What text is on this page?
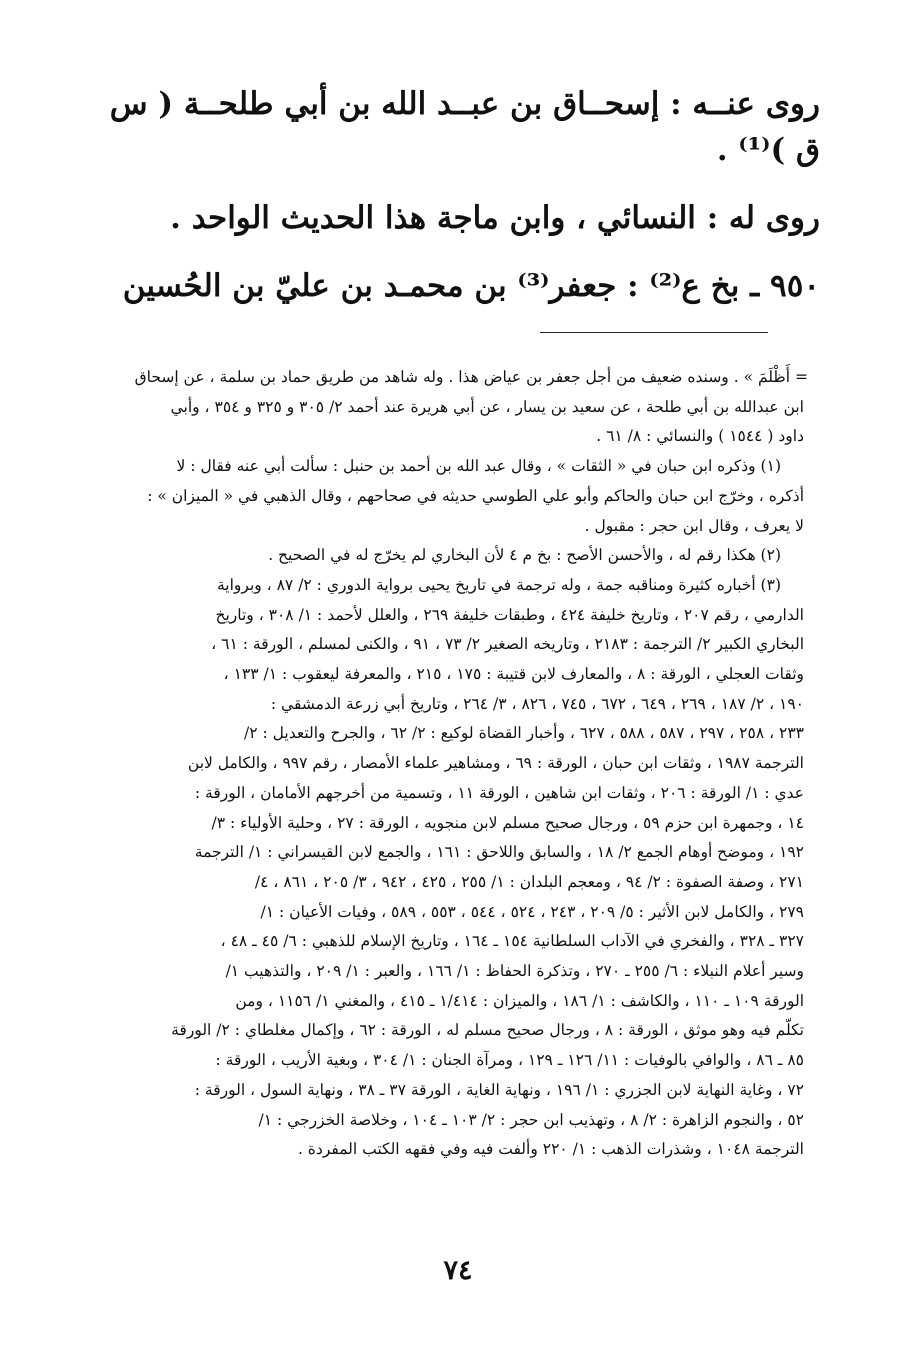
روى عنــه : إسحــاق بن عبــد الله بن أبي طلحــة ( س
ق )⁽¹⁾ .
روى له : النسائي ، وابن ماجة هذا الحديث الواحد .
٩٥٠ ـ بخ ع⁽²⁾ : جعفر⁽³⁾ بن محمـد بن عليّ بن الحُسين
= أَظْلَمَ » . وسنده ضعيف من أجل جعفر بن عياض هذا . وله شاهد من طريق حماد بن سلمة ، عن إسحاق
ابن عبدالله بن أبي طلحة ، عن سعيد بن يسار ، عن أبي هريرة عند أحمد ٢/ ٣٠٥ و ٣٢٥ و ٣٥٤ ، وأبي
داود ( ١٥٤٤ ) والنسائي : ٨/ ٦١ .
(١) وذكره ابن حبان في « الثقات » ، وقال عبد الله بن أحمد بن حنبل : سألت أبي عنه فقال : لا
أذكره ، وخرّج ابن حبان والحاكم وأبو علي الطوسي حديثه في صحاحهم ، وقال الذهبي في « الميزان » :
لا يعرف ، وقال ابن حجر : مقبول .
(٢) هكذا رقم له ، والأحسن الأصح : بخ م ٤ لأن البخاري لم يخرّج له في الصحيح .
(٣) أخباره كثيرة ومناقبه جمة ، وله ترجمة في تاريخ يحيى برواية الدوري : ٢/ ٨٧ ، وبرواية
الدارمي ، رقم ٢٠٧ ، وتاريخ خليفة ٤٢٤ ، وطبقات خليفة ٢٦٩ ، والعلل لأحمد : ١/ ٣٠٨ ، وتاريخ
البخاري الكبير ٢/ الترجمة : ٢١٨٣ ، وتاريخه الصغير ٢/ ٧٣ ، ٩١ ، والكنى لمسلم ، الورقة : ٦١ ،
وثقات العجلي ، الورقة : ٨ ، والمعارف لابن قتيبة : ١٧٥ ، ٢١٥ ، والمعرفة ليعقوب : ١/ ١٣٣ ،
١٩٠ ، ٢/ ١٨٧ ، ٢٦٩ ، ٦٤٩ ، ٦٧٢ ، ٧٤٥ ، ٨٢٦ ، ٣/ ٢٦٤ ، وتاريخ أبي زرعة الدمشقي :
٢٣٣ ، ٢٥٨ ، ٢٩٧ ، ٥٨٧ ، ٥٨٨ ، ٦٢٧ ، وأخبار القضاة لوكيع : ٢/ ٦٢ ، والجرح والتعديل : ٢/
الترجمة ١٩٨٧ ، وثقات ابن حبان ، الورقة : ٦٩ ، ومشاهير علماء الأمصار ، رقم ٩٩٧ ، والكامل لابن
عدي : ١/ الورقة : ٢٠٦ ، وثقات ابن شاهين ، الورقة ١١ ، وتسمية من أخرجهم الأمامان ، الورقة :
١٤ ، وجمهرة ابن حزم ٥٩ ، ورجال صحيح مسلم لابن منجويه ، الورقة : ٢٧ ، وحلية الأولياء : ٣/
١٩٢ ، وموضح أوهام الجمع ٢/ ١٨ ، والسابق واللاحق : ١٦١ ، والجمع لابن القيسراني : ١/ الترجمة
٢٧١ ، وصفة الصفوة : ٢/ ٩٤ ، ومعجم البلدان : ١/ ٢٥٥ ، ٤٢٥ ، ٩٤٢ ، ٣/ ٢٠٥ ، ٨٦١ ، ٤/
٢٧٩ ، والكامل لابن الأثير : ٥/ ٢٠٩ ، ٢٤٣ ، ٥٢٤ ، ٥٤٤ ، ٥٥٣ ، ٥٨٩ ، وفيات الأعيان : ١/
٣٢٧ ـ ٣٢٨ ، والفخري في الآداب السلطانية ١٥٤ ـ ١٦٤ ، وتاريخ الإسلام للذهبي : ٦/ ٤٥ ـ ٤٨ ،
وسير أعلام النبلاء : ٦/ ٢٥٥ ـ ٢٧٠ ، وتذكرة الحفاظ : ١/ ١٦٦ ، والعبر : ١/ ٢٠٩ ، والتذهيب ١/
الورقة ١٠٩ ـ ١١٠ ، والكاشف : ١/ ١٨٦ ، والميزان : ١/٤١٤ ـ ٤١٥ ، والمغني ١/ ١١٥٦ ، ومن
تكلّم فيه وهو موثق ، الورقة : ٨ ، ورجال صحيح مسلم له ، الورقة : ٦٢ ، وإكمال مغلطاي : ٢/ الورقة
٨٥ ـ ٨٦ ، والوافي بالوفيات : ١١/ ١٢٦ ـ ١٢٩ ، ومرآة الجنان : ١/ ٣٠٤ ، وبغية الأريب ، الورقة :
٧٢ ، وغاية النهاية لابن الجزري : ١/ ١٩٦ ، ونهاية الغاية ، الورقة ٣٧ ـ ٣٨ ، ونهاية السول ، الورقة :
٥٢ ، والنجوم الزاهرة : ٢/ ٨ ، وتهذيب ابن حجر : ٢/ ١٠٣ ـ ١٠٤ ، وخلاصة الخزرجي : ١/
الترجمة ١٠٤٨ ، وشذرات الذهب : ١/ ٢٢٠ وألفت فيه وفي فقهه الكتب المفردة .
٧٤
